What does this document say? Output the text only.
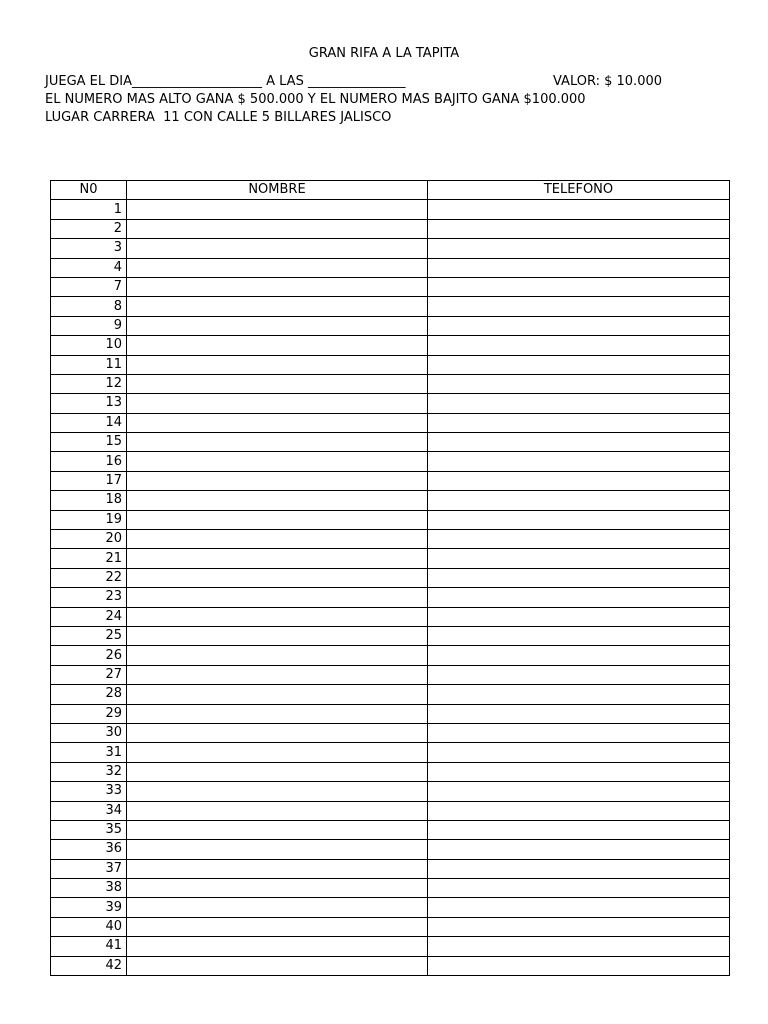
GRAN RIFA A LA TAPITA
JUEGA EL DIA____________________ A LAS _______________	VALOR: $ 10.000
EL NUMERO MAS ALTO GANA $ 500.000 Y EL NUMERO MAS BAJITO GANA $100.000
LUGAR CARRERA  11 CON CALLE 5 BILLARES JALISCO
N0	NOMBRE	TELEFONO
1		
2		
3		
4		
7		
8		
9		
10		
11		
12		
13		
14		
15		
16		
17		
18		
19		
20		
21		
22		
23		
24		
25		
26		
27		
28		
29		
30		
31		
32		
33		
34		
35		
36		
37		
38		
39		
40		
41		
42		
